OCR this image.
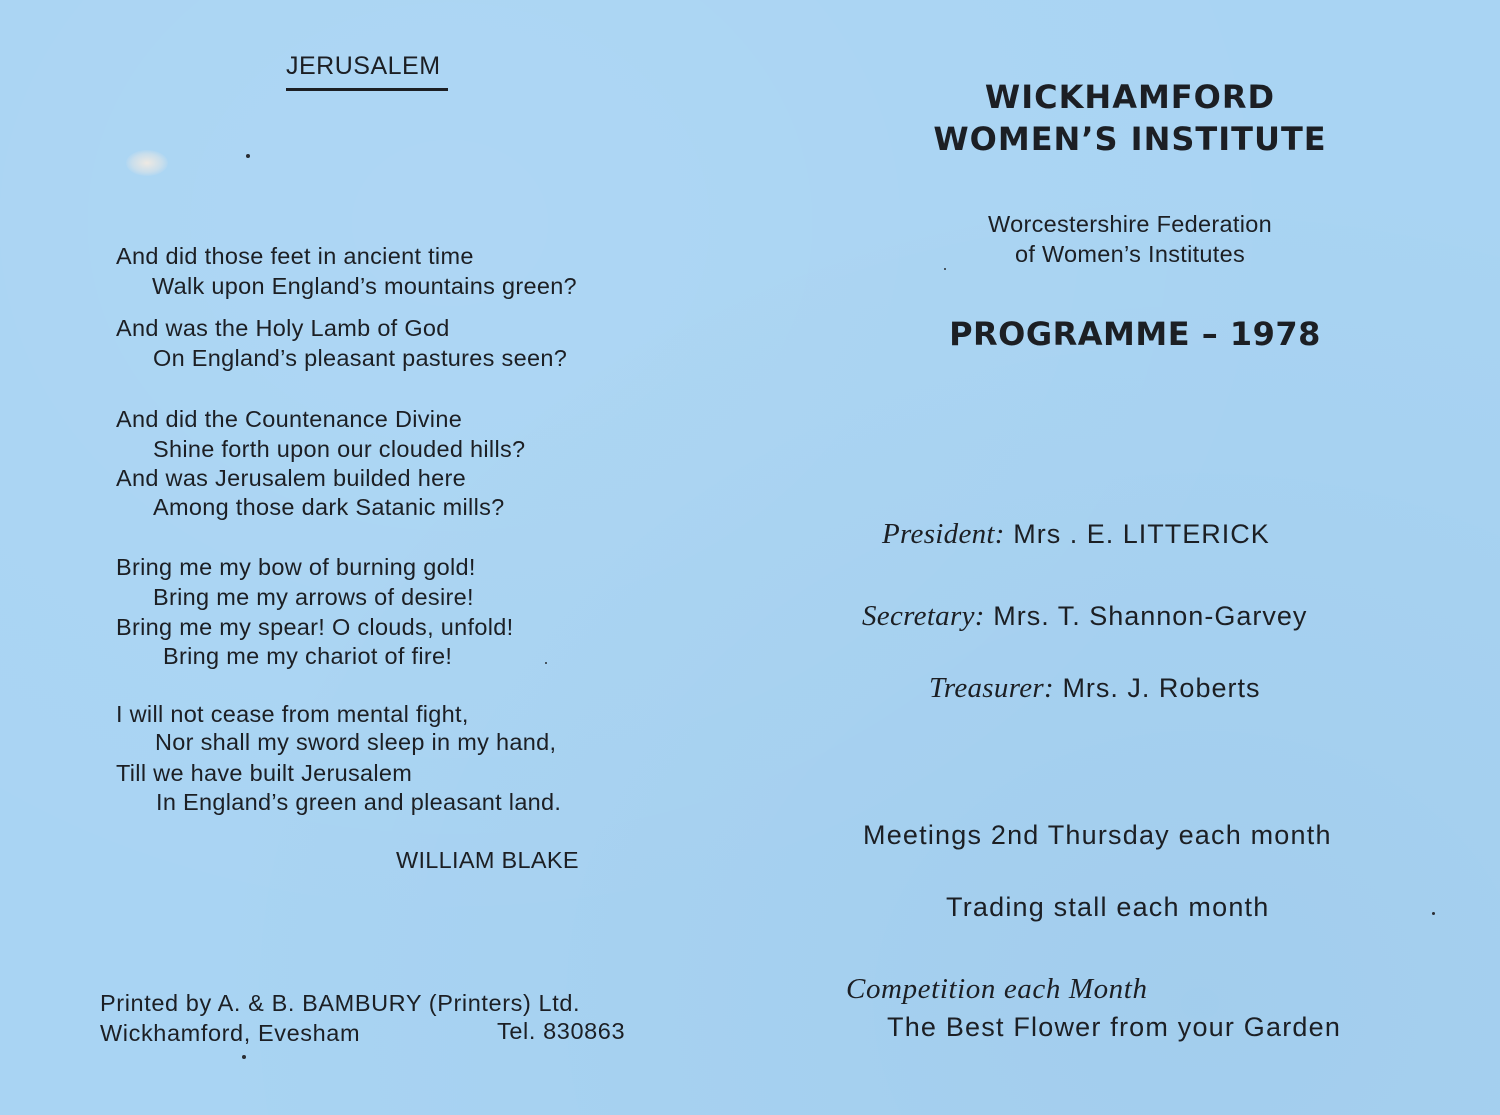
JERUSALEM
And did those feet in ancient time
Walk upon England’s mountains green?
And was the Holy Lamb of God
On England’s pleasant pastures seen?
And did the Countenance Divine
Shine forth upon our clouded hills?
And was Jerusalem builded here
Among those dark Satanic mills?
Bring me my bow of burning gold!
Bring me my arrows of desire!
Bring me my spear! O clouds, unfold!
Bring me my chariot of fire!
I will not cease from mental fight,
Nor shall my sword sleep in my hand,
Till we have built Jerusalem
In England’s green and pleasant land.
WILLIAM BLAKE
Printed by A. & B. BAMBURY (Printers) Ltd.
Wickhamford, Evesham	Tel. 830863
WICKHAMFORD
WOMEN’S INSTITUTE
Worcestershire Federation
of Women’s Institutes
PROGRAMME – 1978
President: Mrs . E. LITTERICK
Secretary: Mrs. T. Shannon-Garvey
Treasurer: Mrs. J. Roberts
Meetings 2nd Thursday each month
Trading stall each month
Competition each Month
The Best Flower from your Garden
